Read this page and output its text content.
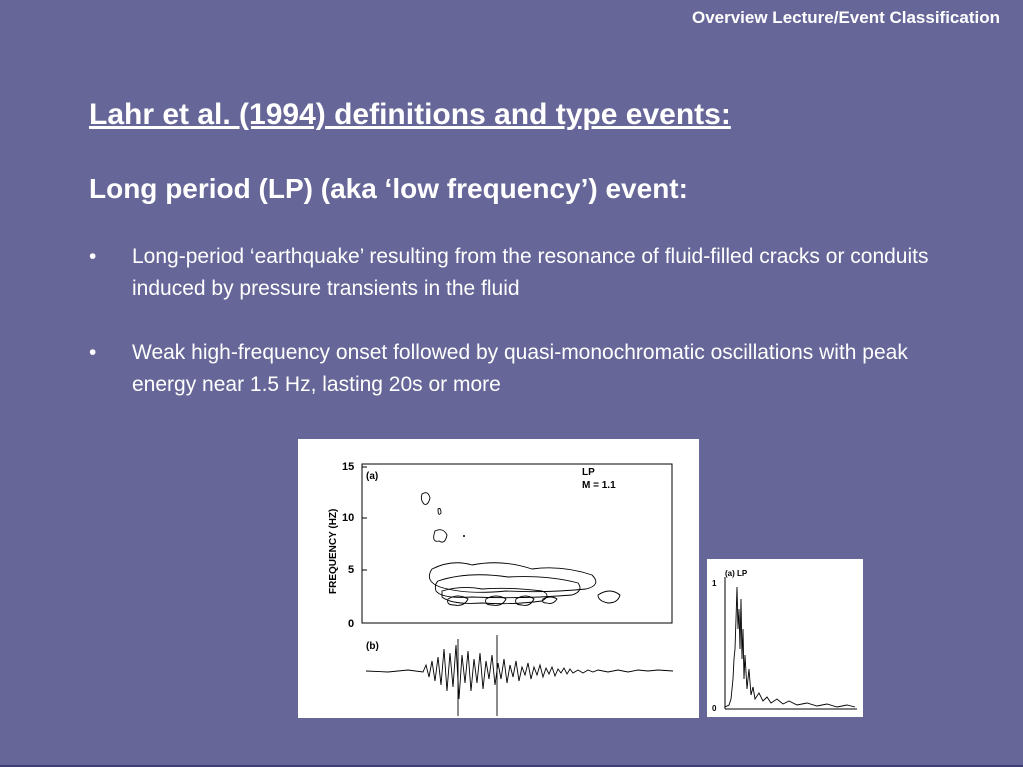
Overview Lecture/Event Classification
Lahr et al. (1994) definitions and type events:
Long period (LP) (aka ‘low frequency’) event:
• Long-period ‘earthquake’ resulting from the resonance of fluid-filled cracks or conduits induced by pressure transients in the fluid
• Weak high-frequency onset followed by quasi-monochromatic oscillations with peak energy near 1.5 Hz, lasting 20s or more
15
10
5
0
FREQUENCY (HZ)
(a)	LP
M = 1.1
(b)
(a) LP
1
0
